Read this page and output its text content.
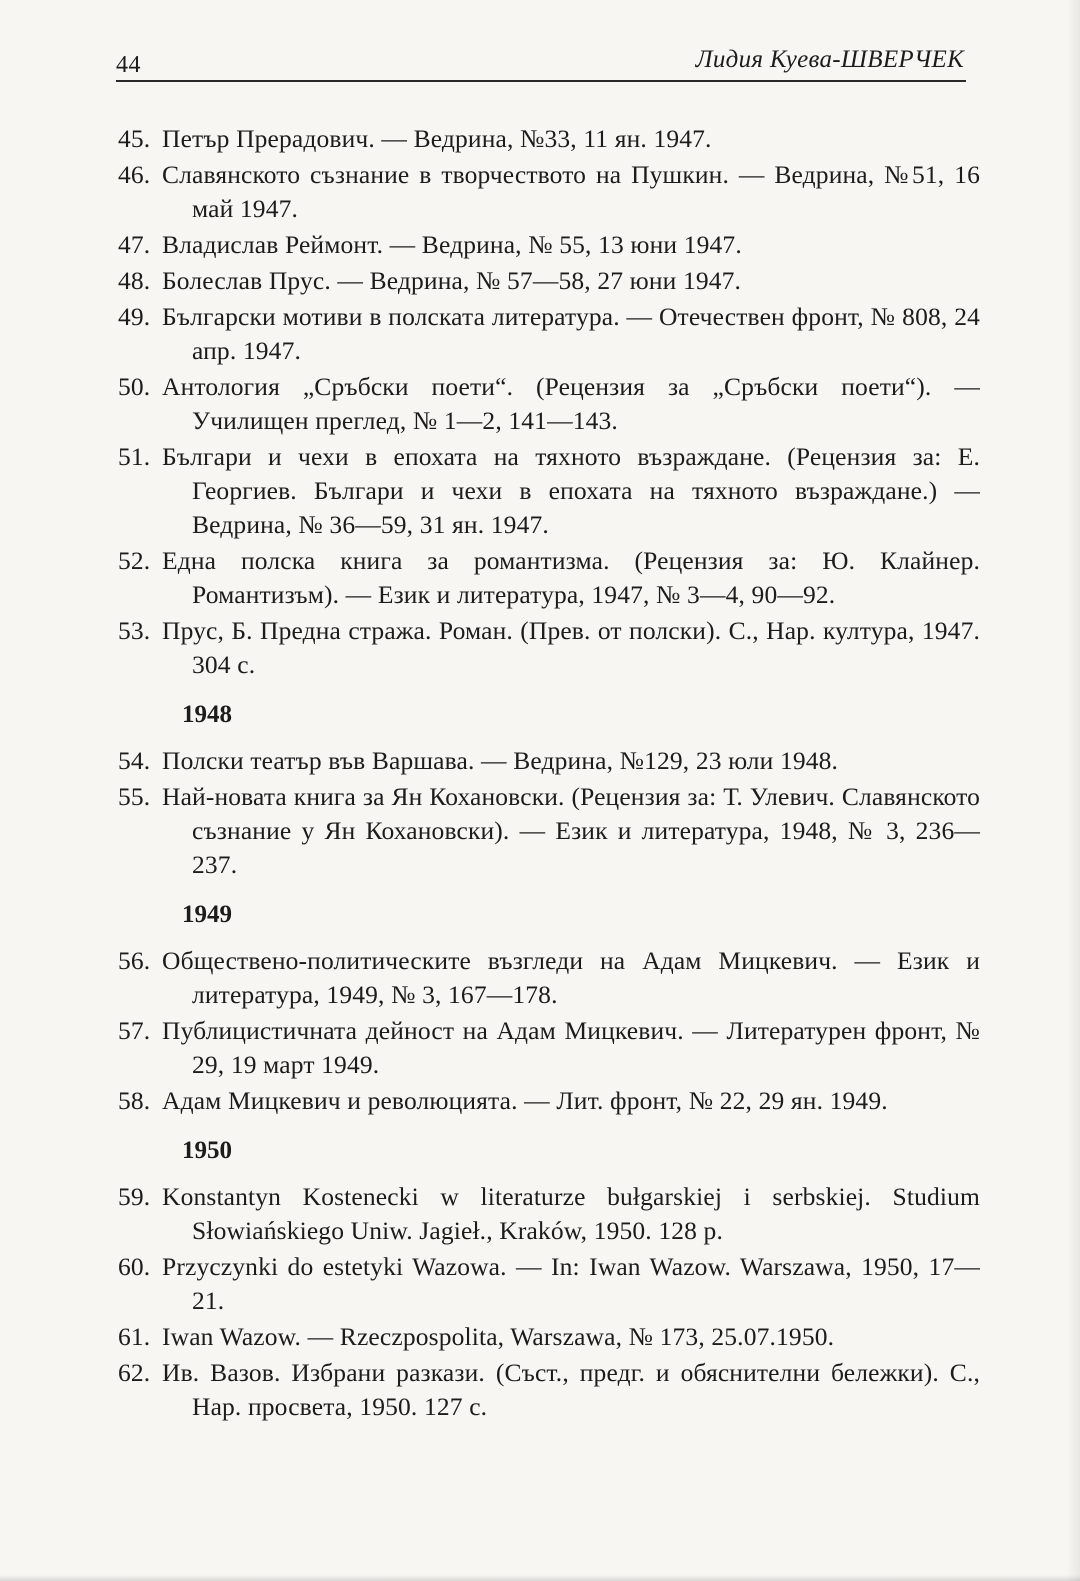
44	Лидия Куева-ШВЕРЧЕК

45. Петър Прерадович. — Ведрина, №33, 11 ян. 1947.

46. Славянското съзнание в творчеството на Пушкин. — Ведрина, №51, 16 май 1947.

47. Владислав Реймонт. — Ведрина, № 55, 13 юни 1947.

48. Болеслав Прус. — Ведрина, № 57—58, 27 юни 1947.

49. Български мотиви в полската литература. — Отечествен фронт, № 808, 24 апр. 1947.

50. Антология „Сръбски поети“. (Рецензия за „Сръбски поети“). — Училищен преглед, № 1—2, 141—143.

51. Българи и чехи в епохата на тяхното възраждане. (Рецензия за: Е. Георгиев. Българи и чехи в епохата на тяхното възраждане.) — Ведрина, № 36—59, 31 ян. 1947.

52. Една полска книга за романтизма. (Рецензия за: Ю. Клайнер. Романтизъм). — Език и литература, 1947, № 3—4, 90—92.

53. Прус, Б. Предна стража. Роман. (Прев. от полски). С., Нар. култура, 1947. 304 с.

1948

54. Полски театър във Варшава. — Ведрина, №129, 23 юли 1948.

55. Най-новата книга за Ян Кохановски. (Рецензия за: Т. Улевич. Славянското съзнание у Ян Кохановски). — Език и литература, 1948, № 3, 236—237.

1949

56. Обществено-политическите възгледи на Адам Мицкевич. — Език и литература, 1949, № 3, 167—178.

57. Публицистичната дейност на Адам Мицкевич. — Литературен фронт, № 29, 19 март 1949.

58. Адам Мицкевич и революцията. — Лит. фронт, № 22, 29 ян. 1949.

1950

59. Konstantyn Kostenecki w literaturze bułgarskiej i serbskiej. Studium Słowiańskiego Uniw. Jagieł., Kraków, 1950. 128 p.

60. Przyczynki do estetyki Wazowa. — In: Iwan Wazow. Warszawa, 1950, 17—21.

61. Iwan Wazow. — Rzeczpospolita, Warszawa, № 173, 25.07.1950.

62. Ив. Вазов. Избрани разкази. (Съст., предг. и обяснителни бележки). С., Нар. просвета, 1950. 127 с.
